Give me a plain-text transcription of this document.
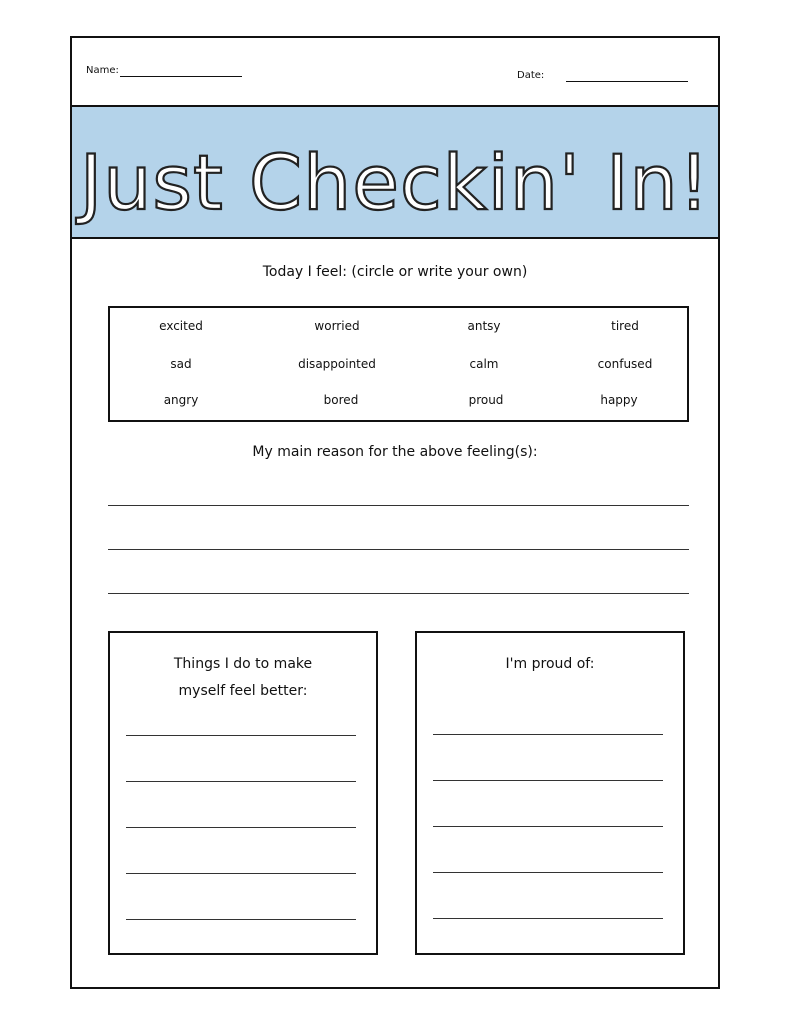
Name:	Date:
Just Checkin' In!
Today I feel: (circle or write your own)
excited	worried	antsy	tired
sad	disappointed	calm	confused
angry	bored	proud	happy
My main reason for the above feeling(s):
Things I do to make
myself feel better:
I'm proud of:
